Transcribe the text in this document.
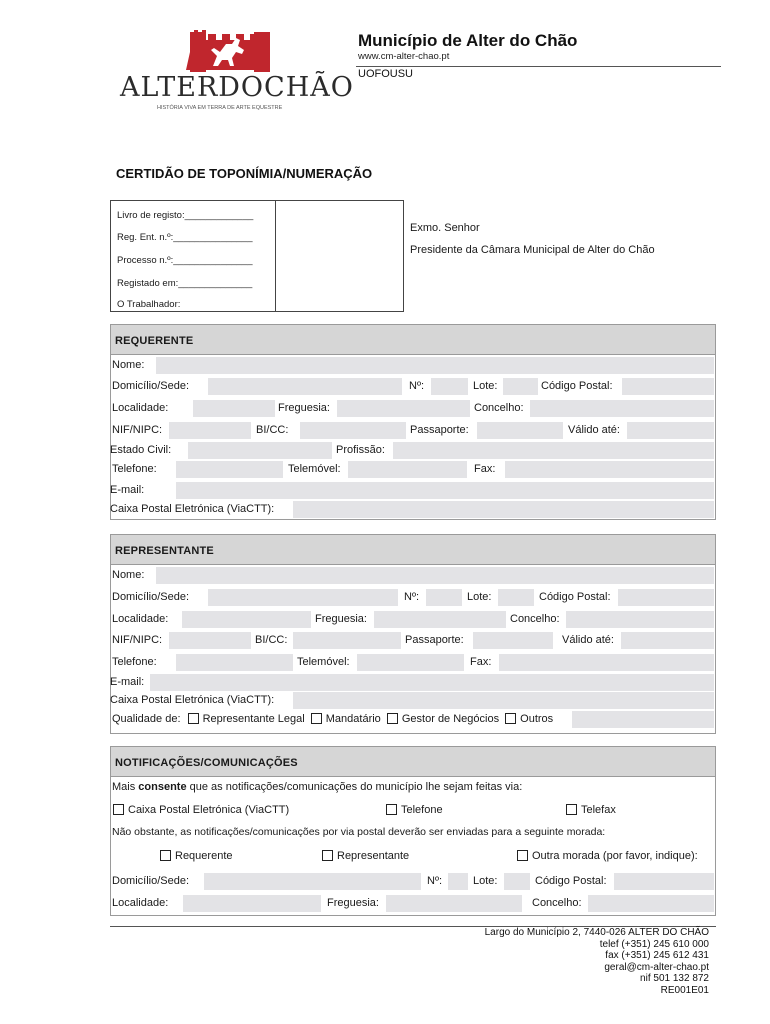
ALTERDOCHÃO
HISTÓRIA VIVA EM TERRA DE ARTE EQUESTRE
Município de Alter do Chão
www.cm-alter-chao.pt
UOFOUSU
CERTIDÃO DE TOPONÍMIA/NUMERAÇÃO
Livro de registo:_____________
Reg. Ent. n.º:_______________
Processo n.º:_______________
Registado em:______________
O Trabalhador:
Exmo. Senhor
Presidente da Câmara Municipal de Alter do Chão
REQUERENTE
Nome:
Domicílio/Sede:	Nº:	Lote:	Código Postal:
Localidade:	Freguesia:	Concelho:
NIF/NIPC:	BI/CC:	Passaporte:	Válido até:
Estado Civil:	Profissão:
Telefone:	Telemóvel:	Fax:
E-mail:
Caixa Postal Eletrónica (ViaCTT):
REPRESENTANTE
Nome:
Domicílio/Sede:	Nº:	Lote:	Código Postal:
Localidade:	Freguesia:	Concelho:
NIF/NIPC:	BI/CC:	Passaporte:	Válido até:
Telefone:	Telemóvel:	Fax:
E-mail:
Caixa Postal Eletrónica (ViaCTT):
Qualidade de: Representante Legal Mandatário Gestor de Negócios Outros
NOTIFICAÇÕES/COMUNICAÇÕES
Mais consente que as notificações/comunicações do município lhe sejam feitas via:
Caixa Postal Eletrónica (ViaCTT)	Telefone	Telefax
Não obstante, as notificações/comunicações por via postal deverão ser enviadas para a seguinte morada:
Requerente	Representante	Outra morada (por favor, indique):
Domicílio/Sede:	Nº:	Lote:	Código Postal:
Localidade:	Freguesia:	Concelho:
Largo do Município 2, 7440-026 ALTER DO CHÃO
telef (+351) 245 610 000
fax (+351) 245 612 431
geral@cm-alter-chao.pt
nif 501 132 872
RE001E01
